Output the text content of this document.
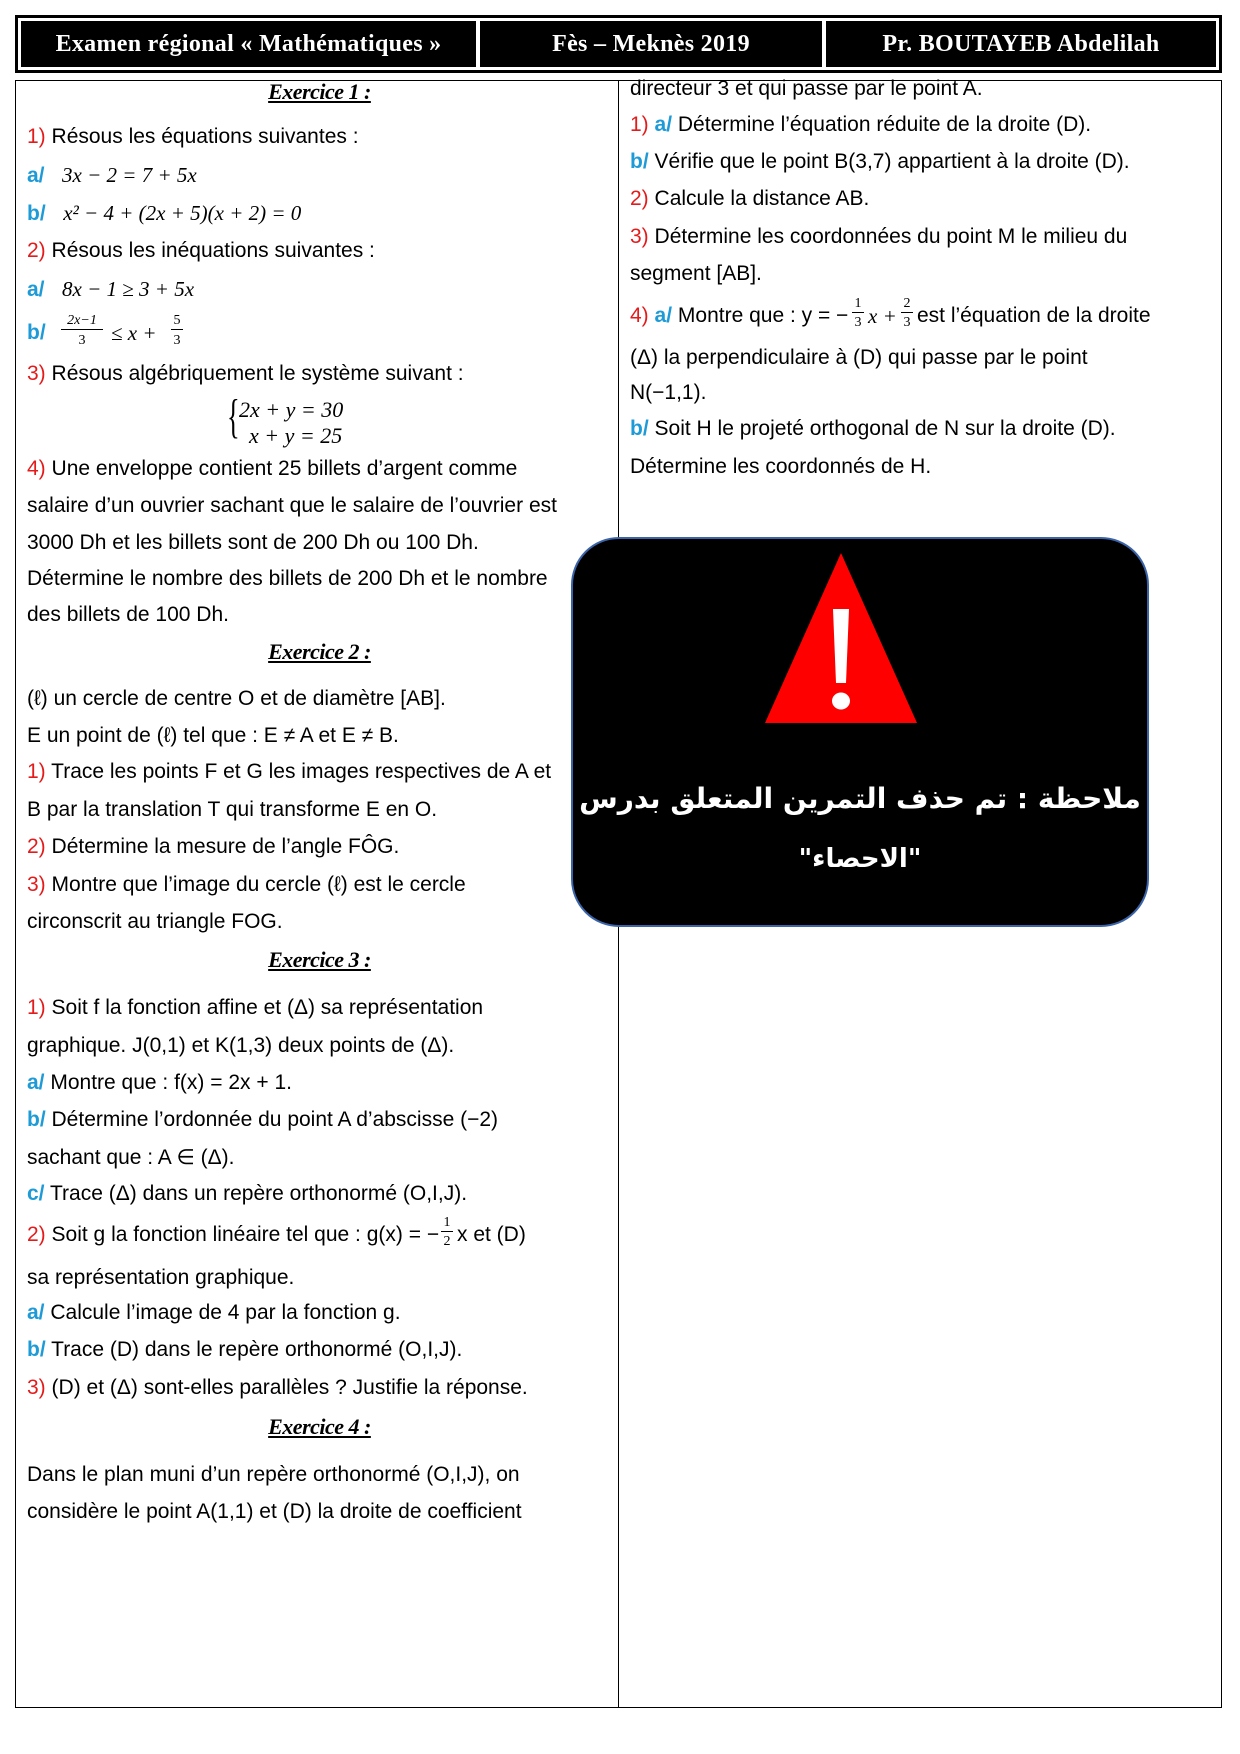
Examen régional « Mathématiques »	Fès – Meknès 2019	Pr. BOUTAYEB Abdelilah
Exercice 1 :
1) Résous les équations suivantes :
a/ 3x − 2 = 7 + 5x
b/ x² − 4 + (2x + 5)(x + 2) = 0
2) Résous les inéquations suivantes :
a/ 8x − 1 ≥ 3 + 5x
b/
2x−1
3	≤ x +
5
3
3) Résous algébriquement le système suivant :
{ 2x + y = 30
x + y = 25
4) Une enveloppe contient 25 billets d’argent comme
salaire d’un ouvrier sachant que le salaire de l’ouvrier est
3000 Dh et les billets sont de 200 Dh ou 100 Dh.
Détermine le nombre des billets de 200 Dh et le nombre
des billets de 100 Dh.
Exercice 2 :
(ℓ) un cercle de centre O et de diamètre [AB].
E un point de (ℓ) tel que : E ≠ A et E ≠ B.
1) Trace les points F et G les images respectives de A et
B par la translation T qui transforme E en O.
2) Détermine la mesure de l’angle FÔG.
3) Montre que l’image du cercle (ℓ) est le cercle
circonscrit au triangle FOG.
Exercice 3 :
1) Soit f la fonction affine et (Δ) sa représentation
graphique. J(0,1) et K(1,3) deux points de (Δ).
a/ Montre que : f(x) = 2x + 1.
b/ Détermine l’ordonnée du point A d’abscisse (−2)
sachant que : A ∈ (Δ).
c/ Trace (Δ) dans un repère orthonormé (O,I,J).
2) Soit g la fonction linéaire tel que : g(x) = −
1
2 x et (D)
sa représentation graphique.
a/ Calcule l’image de 4 par la fonction g.
b/ Trace (D) dans le repère orthonormé (O,I,J).
3) (D) et (Δ) sont-elles parallèles ? Justifie la réponse.
Exercice 4 :
Dans le plan muni d’un repère orthonormé (O,I,J), on
considère le point A(1,1) et (D) la droite de coefficient
directeur 3 et qui passe par le point A.
1) a/ Détermine l’équation réduite de la droite (D).
b/ Vérifie que le point B(3,7) appartient à la droite (D).
2) Calcule la distance AB.
3) Détermine les coordonnées du point M le milieu du
segment [AB].
4) a/ Montre que : y = −
1
3 x +
2
3 est l’équation de la droite
(Δ) la perpendiculaire à (D) qui passe par le point
N(−1,1).
b/ Soit H le projeté orthogonal de N sur la droite (D).
Détermine les coordonnés de H.
ملاحظة : تم حذف التمرين المتعلق بدرس
"الاحصاء"
